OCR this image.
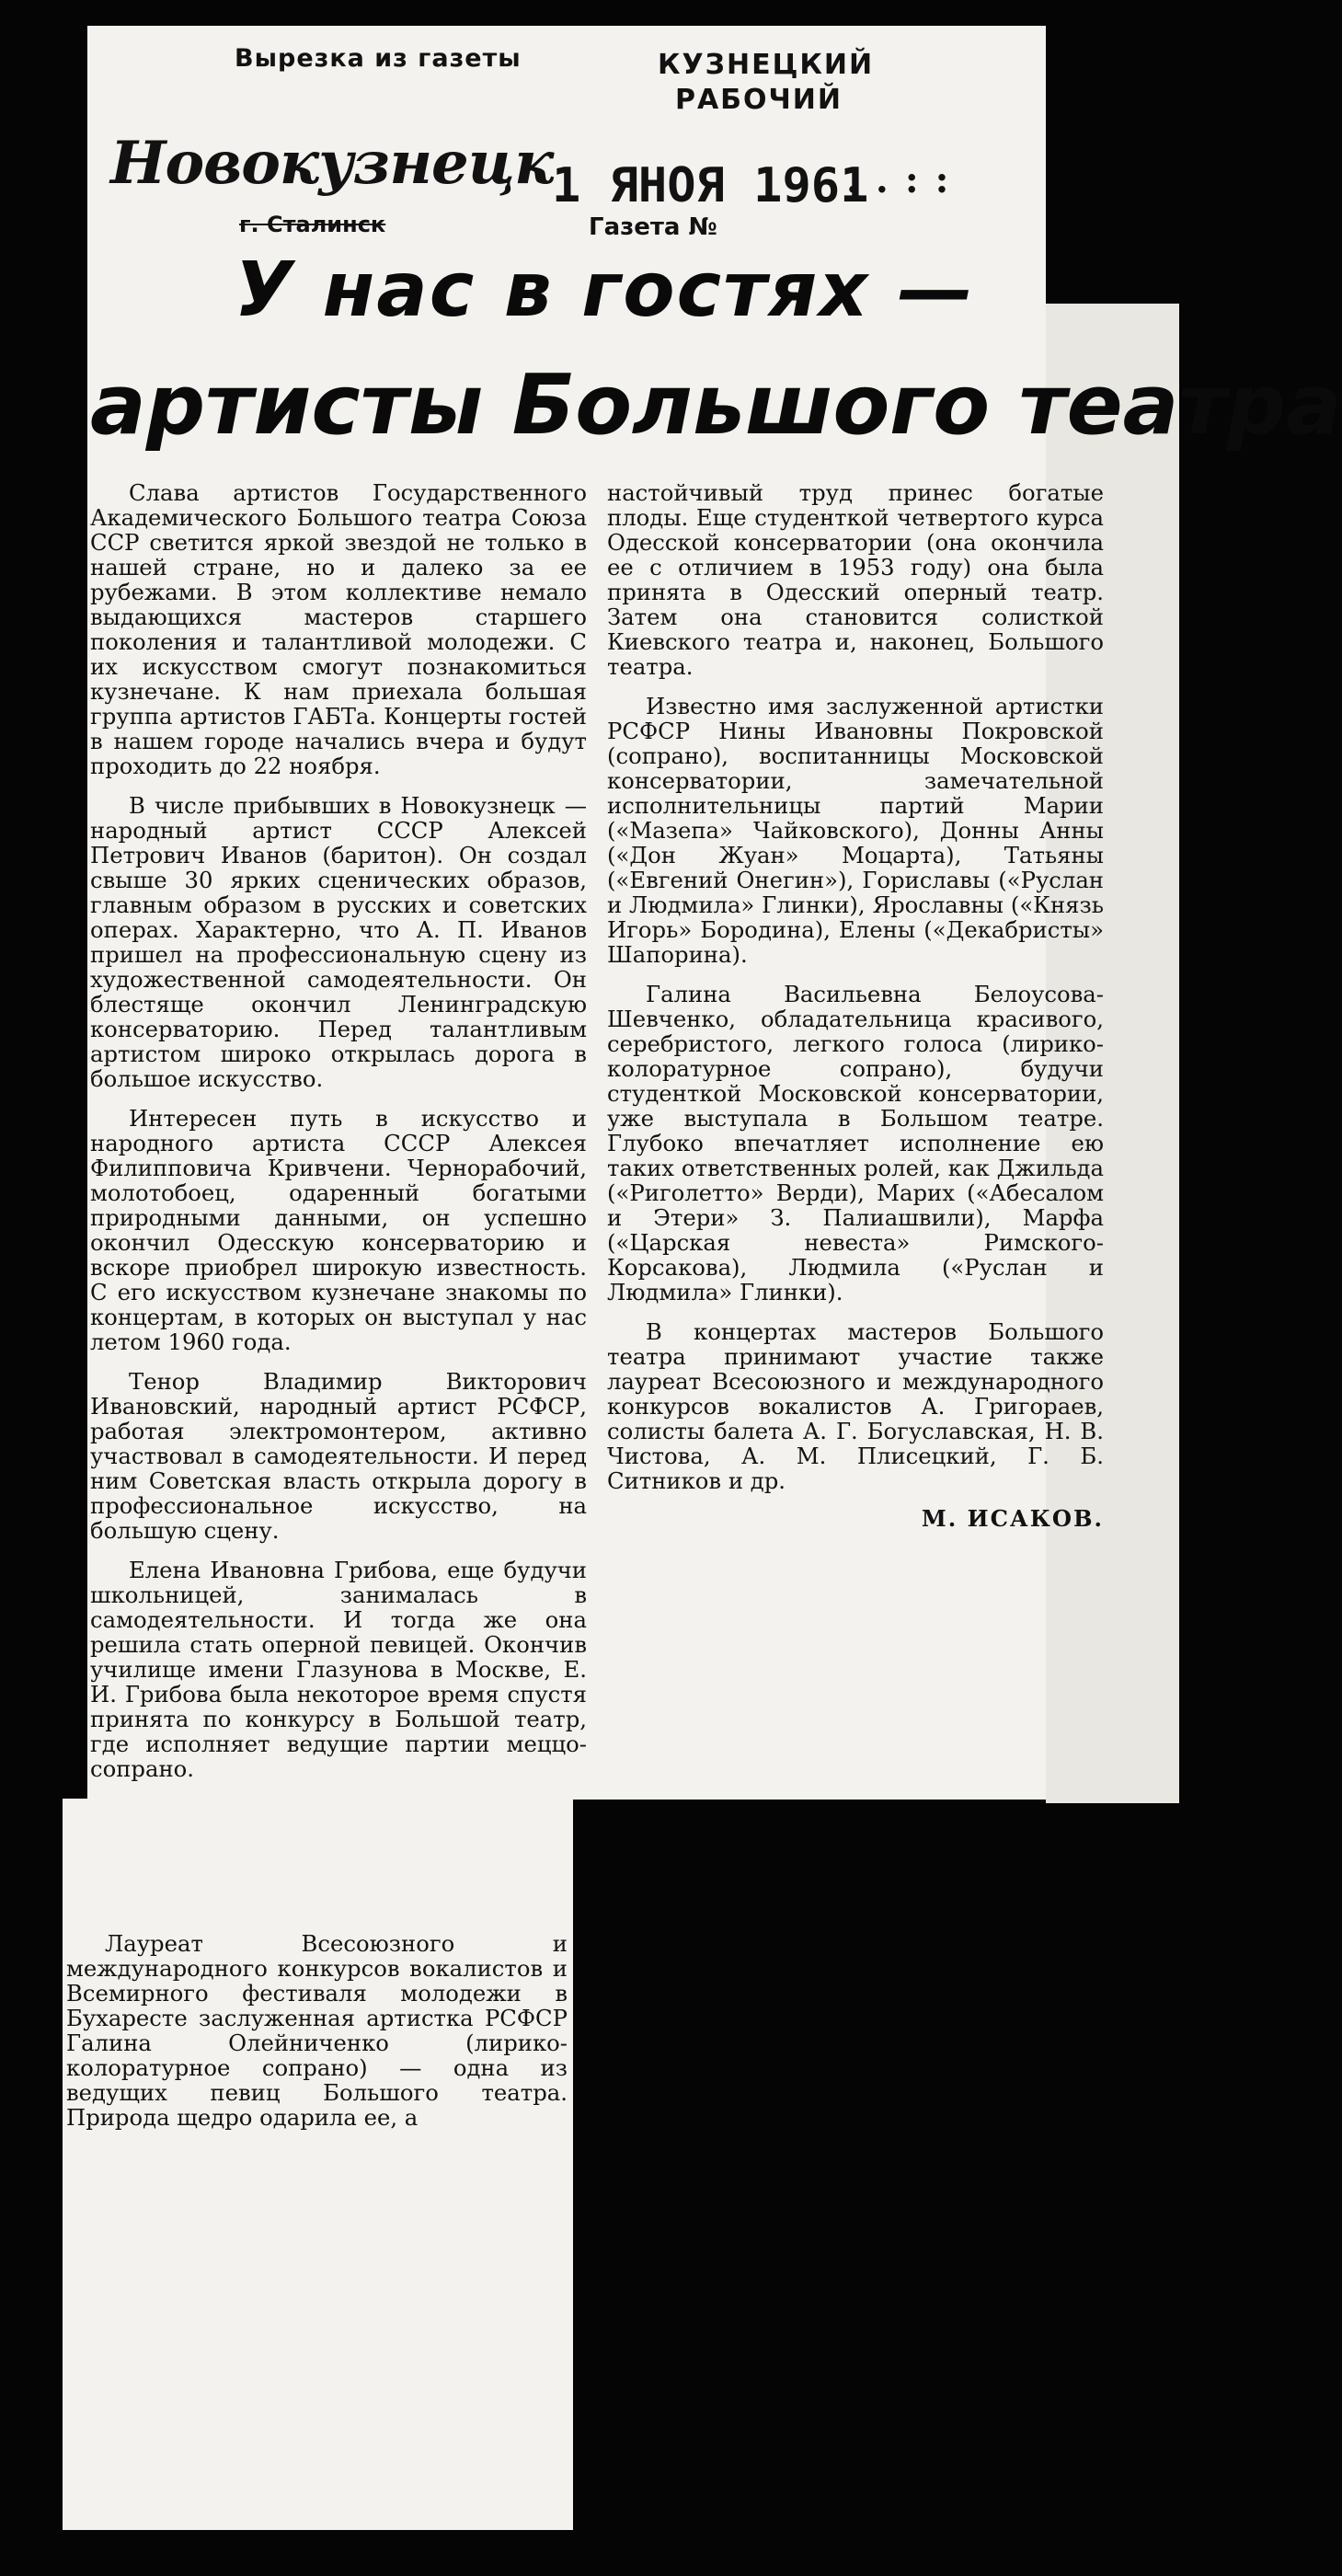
Вырезка из газеты	КУЗНЕЦКИЙ РАБОЧИЙ
Новокузнецк
г. Сталинск
1 ЯНОЯ 1961
..::
Газета №
У нас в гостях —
артисты Большого театра

Слава артистов Государственного Академического Большого театра Союза ССР светится яркой звездой не только в нашей стране, но и далеко за ее рубежами. В этом коллективе немало выдающихся мастеров старшего поколения и талантливой молодежи. С их искусством смогут познакомиться кузнечане. К нам приехала большая группа артистов ГАБТа. Концерты гостей в нашем городе начались вчера и будут проходить до 22 ноября.

В числе прибывших в Новокузнецк — народный артист СССР Алексей Петрович Иванов (баритон). Он создал свыше 30 ярких сценических образов, главным образом в русских и советских операх. Характерно, что А. П. Иванов пришел на профессиональную сцену из художественной самодеятельности. Он блестяще окончил Ленинградскую консерваторию. Перед талантливым артистом широко открылась дорога в большое искусство.

Интересен путь в искусство и народного артиста СССР Алексея Филипповича Кривчени. Чернорабочий, молотобоец, одаренный богатыми природными данными, он успешно окончил Одесскую консерваторию и вскоре приобрел широкую известность. С его искусством кузнечане знакомы по концертам, в которых он выступал у нас летом 1960 года.

Тенор Владимир Викторович Ивановский, народный артист РСФСР, работая электромонтером, активно участвовал в самодеятельности. И перед ним Советская власть открыла дорогу в профессиональное искусство, на большую сцену.

Елена Ивановна Грибова, еще будучи школьницей, занималась в самодеятельности. И тогда же она решила стать оперной певицей. Окончив училище имени Глазунова в Москве, Е. И. Грибова была некоторое время спустя принята по конкурсу в Большой театр, где исполняет ведущие партии меццо-сопрано.

Лауреат Всесоюзного и международного конкурсов вокалистов и Всемирного фестиваля молодежи в Бухаресте заслуженная артистка РСФСР Галина Олейниченко (лирико-колоратурное сопрано) — одна из ведущих певиц Большого театра. Природа щедро одарила ее, а

настойчивый труд принес богатые плоды. Еще студенткой четвертого курса Одесской консерватории (она окончила ее с отличием в 1953 году) она была принята в Одесский оперный театр. Затем она становится солисткой Киевского театра и, наконец, Большого театра.

Известно имя заслуженной артистки РСФСР Нины Ивановны Покровской (сопрано), воспитанницы Московской консерватории, замечательной исполнительницы партий Марии («Мазепа» Чайковского), Донны Анны («Дон Жуан» Моцарта), Татьяны («Евгений Онегин»), Гориславы («Руслан и Людмила» Глинки), Ярославны («Князь Игорь» Бородина), Елены («Декабристы» Шапорина).

Галина Васильевна Белоусова-Шевченко, обладательница красивого, серебристого, легкого голоса (лирико-колоратурное сопрано), будучи студенткой Московской консерватории, уже выступала в Большом театре. Глубоко впечатляет исполнение ею таких ответственных ролей, как Джильда («Риголетто» Верди), Марих («Абесалом и Этери» З. Палиашвили), Марфа («Царская невеста» Римского-Корсакова), Людмила («Руслан и Людмила» Глинки).

В концертах мастеров Большого театра принимают участие также лауреат Всесоюзного и международного конкурсов вокалистов А. Григораев, солисты балета А. Г. Богуславская, Н. В. Чистова, А. М. Плисецкий, Г. Б. Ситников и др.

М. ИСАКОВ.
